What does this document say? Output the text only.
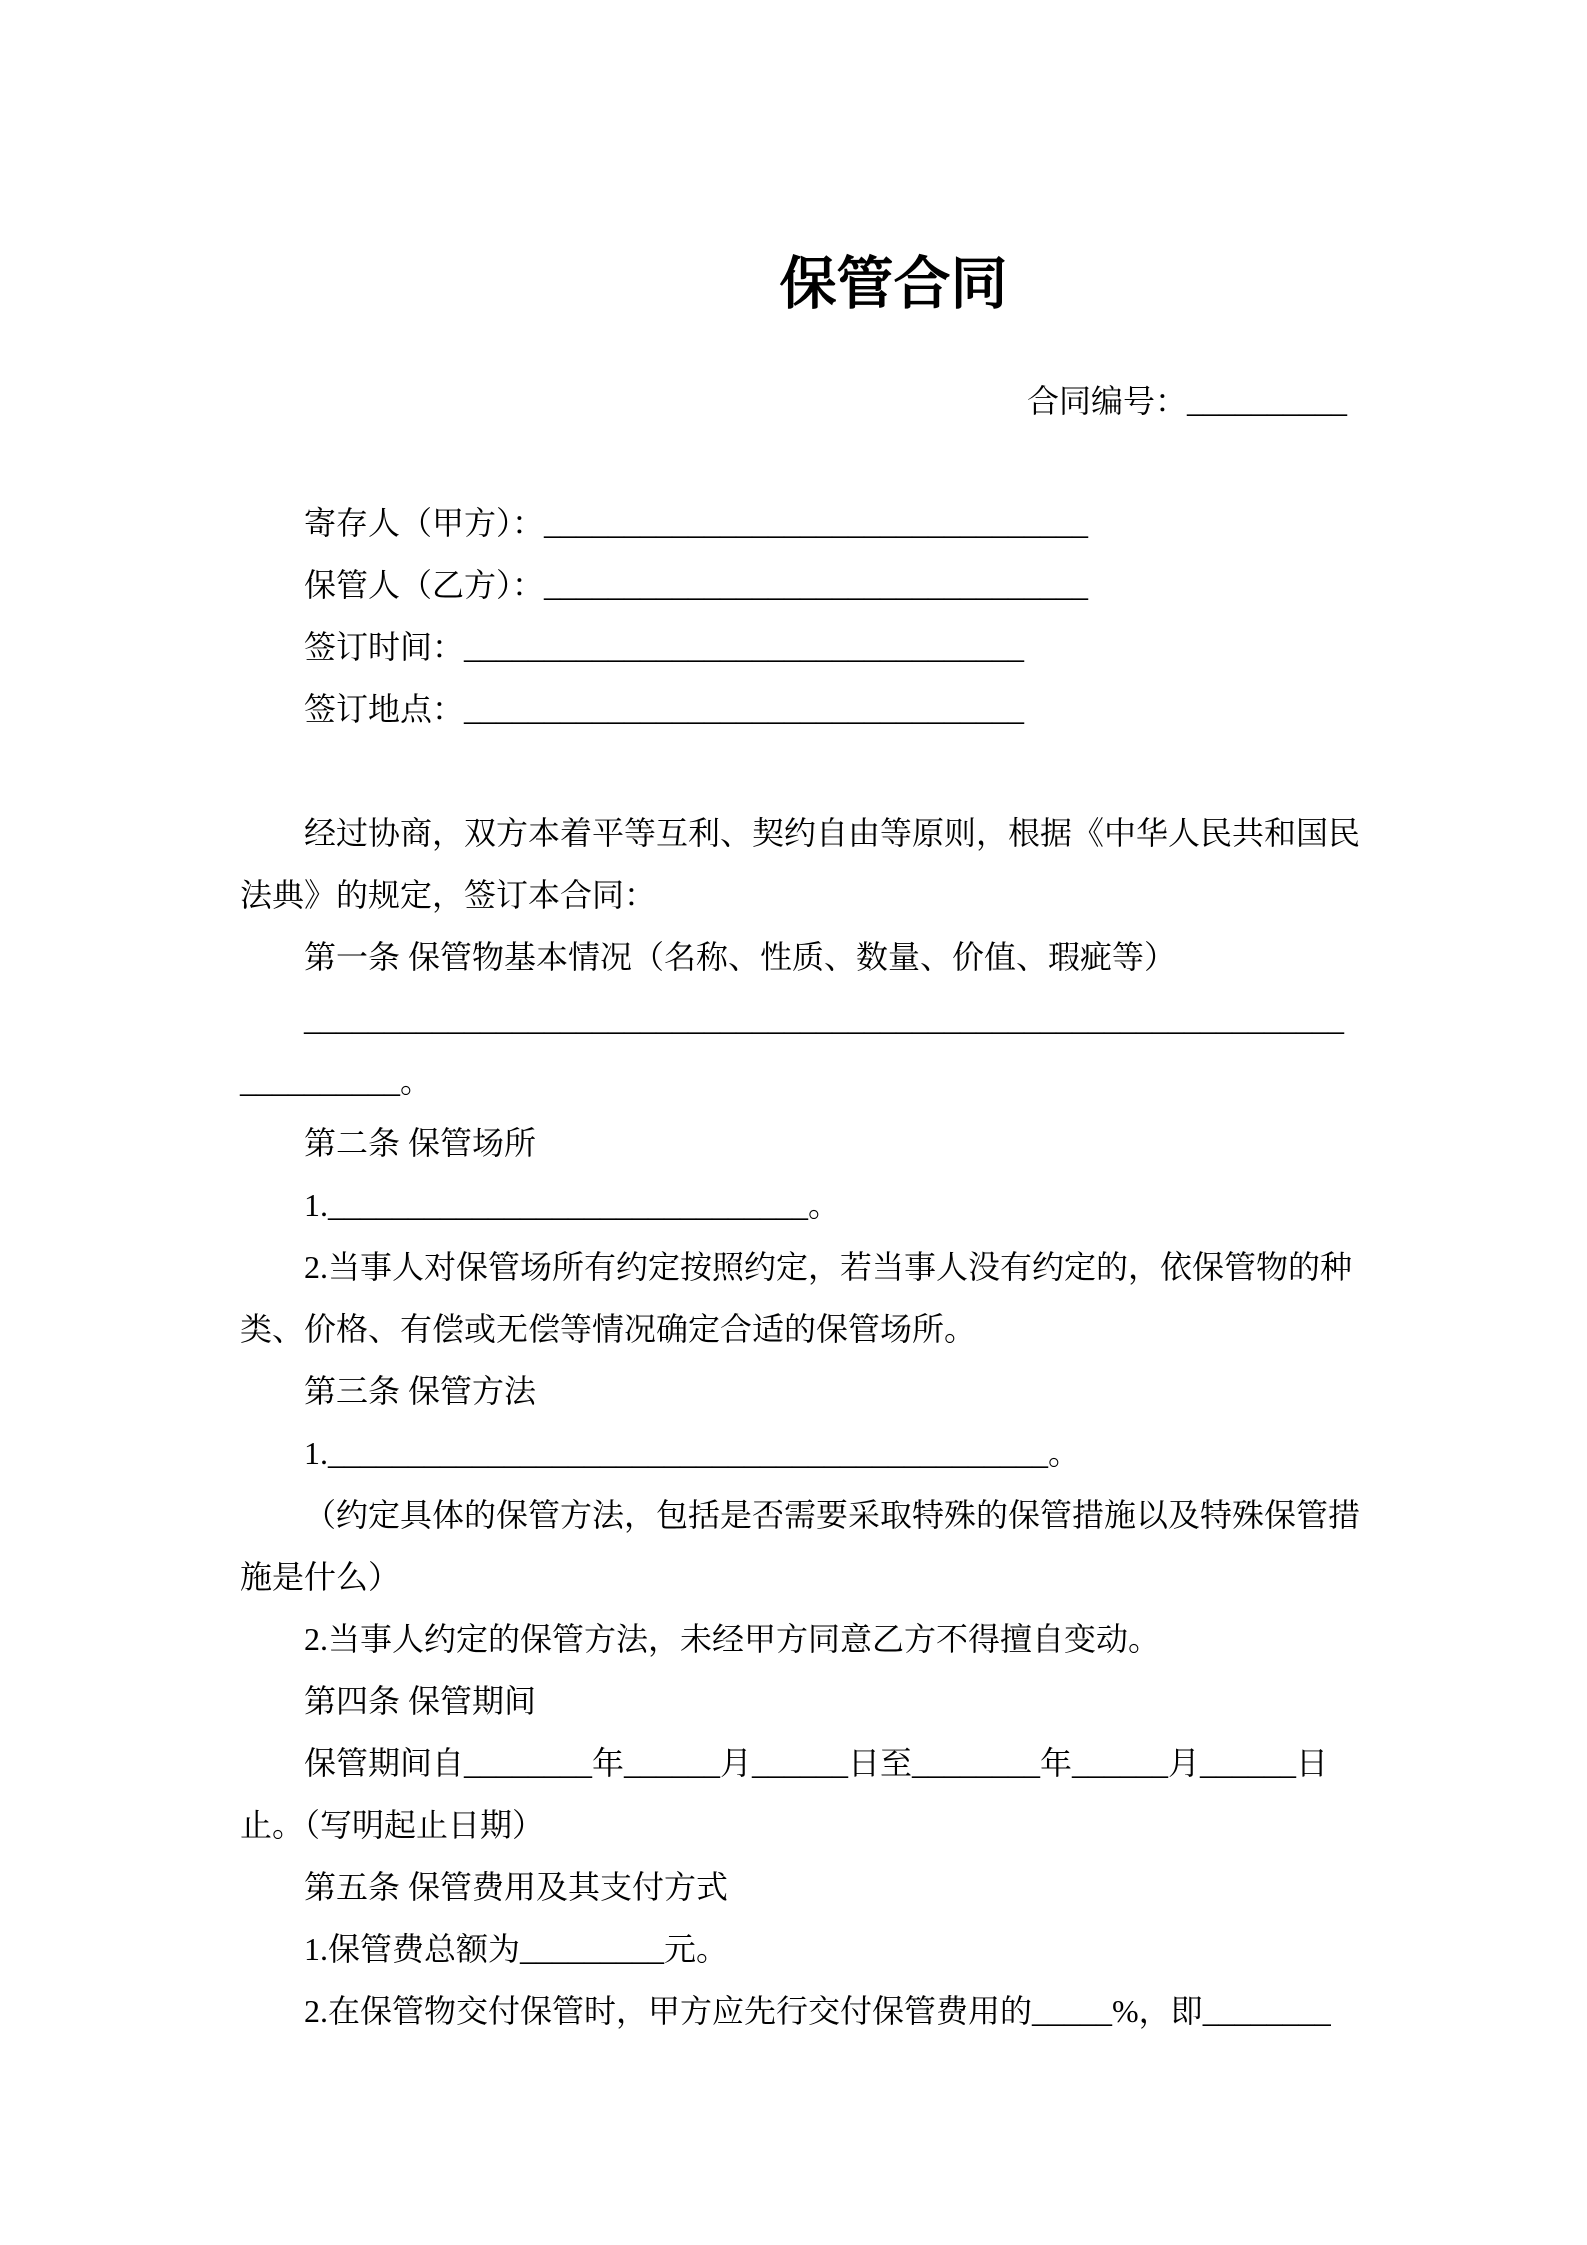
保管合同
合同编号：__________
寄存人（甲方）：__________________________________
保管人（乙方）：__________________________________
签订时间：___________________________________
签订地点：___________________________________
经过协商，双方本着平等互利、契约自由等原则，根据《中华人民共和国民
法典》的规定，签订本合同：
第一条 保管物基本情况（名称、性质、数量、价值、瑕疵等）
_________________________________________________________________
__________。
第二条 保管场所
1.______________________________。
2.当事人对保管场所有约定按照约定，若当事人没有约定的，依保管物的种
类、价格、有偿或无偿等情况确定合适的保管场所。
第三条 保管方法
1._____________________________________________。
（约定具体的保管方法，包括是否需要采取特殊的保管措施以及特殊保管措
施是什么）
2.当事人约定的保管方法，未经甲方同意乙方不得擅自变动。
第四条 保管期间
保管期间自________年______月______日至________年______月______日
止。（写明起止日期）
第五条 保管费用及其支付方式
1.保管费总额为_________元。
2.在保管物交付保管时，甲方应先行交付保管费用的_____%，即________
